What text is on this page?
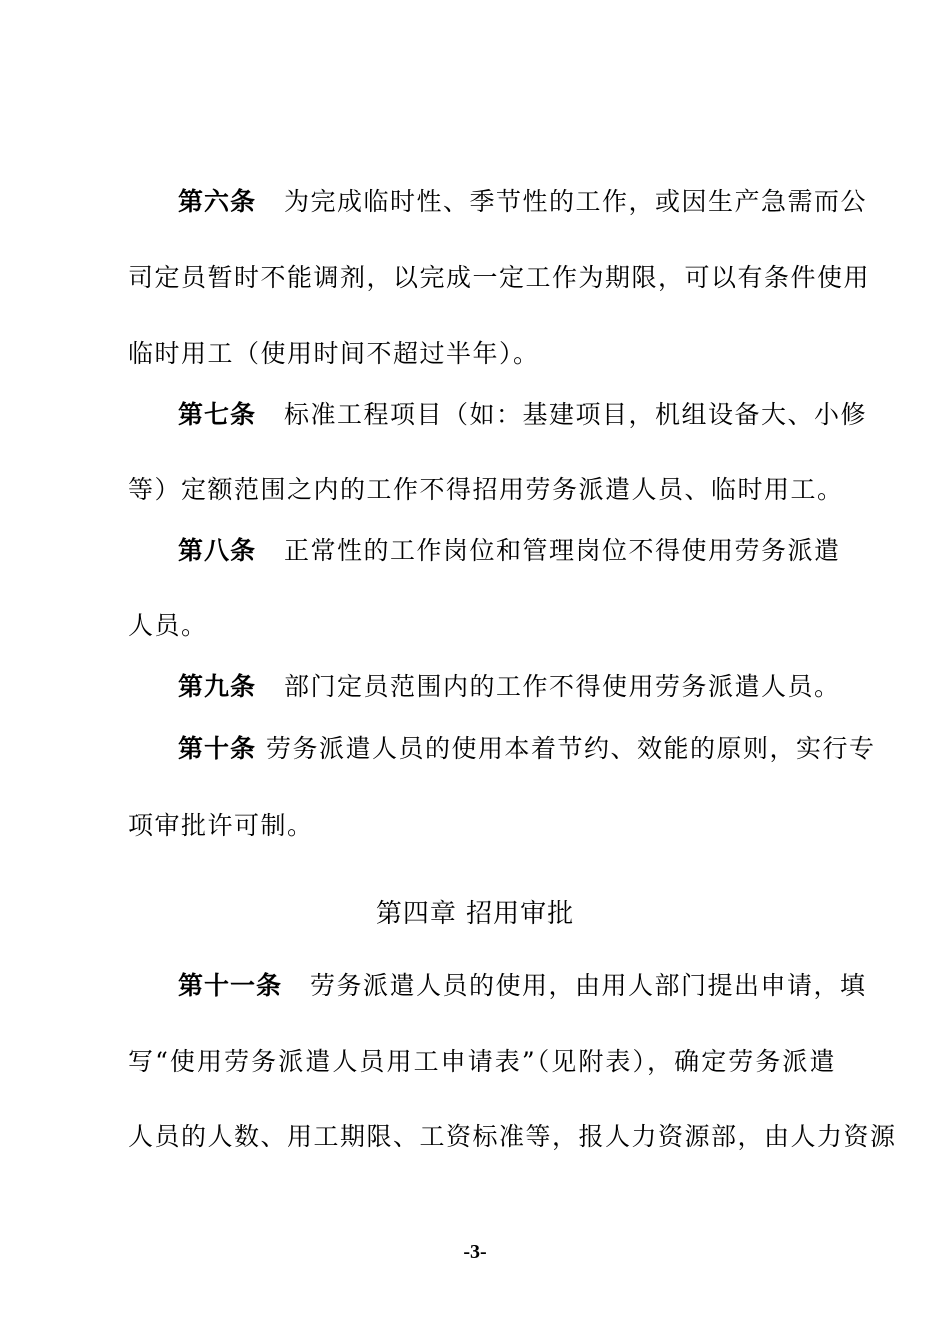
第六条 为完成临时性、季节性的工作，或因生产急需而公
司定员暂时不能调剂，以完成一定工作为期限，可以有条件使用
临时用工（使用时间不超过半年）。
第七条 标准工程项目（如：基建项目，机组设备大、小修
等）定额范围之内的工作不得招用劳务派遣人员、临时用工。
第八条 正常性的工作岗位和管理岗位不得使用劳务派遣
人员。
第九条 部门定员范围内的工作不得使用劳务派遣人员。
第十条 劳务派遣人员的使用本着节约、效能的原则，实行专
项审批许可制。
第四章 招用审批
第十一条 劳务派遣人员的使用，由用人部门提出申请，填
写“使用劳务派遣人员用工申请表”（见附表），确定劳务派遣
人员的人数、用工期限、工资标准等，报人力资源部，由人力资源
-3-
